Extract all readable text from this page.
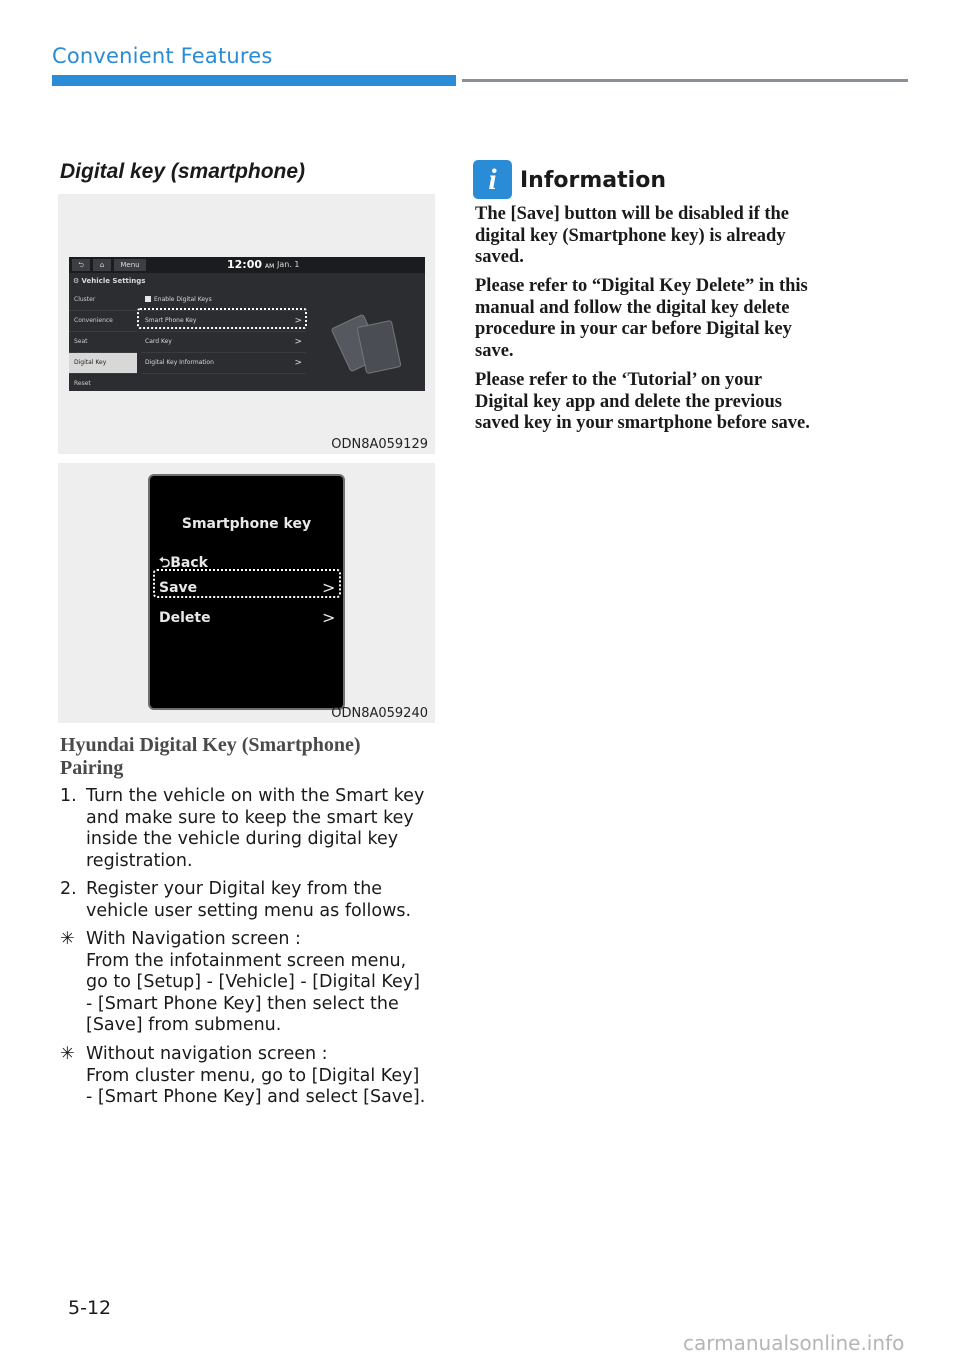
Convenient Features
Digital key (smartphone)
⮌	⌂	Menu	12:00 AM Jan. 1
⚙ Vehicle Settings
Cluster
Convenience
Seat
Digital Key
Reset
Enable Digital Keys
Smart Phone Key	>
Card Key	>
Digital Key Information	>
ODN8A059129
Smartphone key
⮌Back
Save	>
Delete	>
ODN8A059240
Hyundai Digital Key (Smartphone)
Pairing
1. Turn the vehicle on with the Smart key
and make sure to keep the smart key
inside the vehicle during digital key
registration.
2. Register your Digital key from the
vehicle user setting menu as follows.
✳ With Navigation screen :
From the infotainment screen menu,
go to [Setup] - [Vehicle] - [Digital Key]
- [Smart Phone Key] then select the
[Save] from submenu.
✳ Without navigation screen :
From cluster menu, go to [Digital Key]
- [Smart Phone Key] and select [Save].
i	Information
The [Save] button will be disabled if the
digital key (Smartphone key) is already
saved.
Please refer to “Digital Key Delete” in this
manual and follow the digital key delete
procedure in your car before Digital key
save.
Please refer to the ‘Tutorial’ on your
Digital key app and delete the previous
saved key in your smartphone before save.
5-12
carmanualsonline.info
